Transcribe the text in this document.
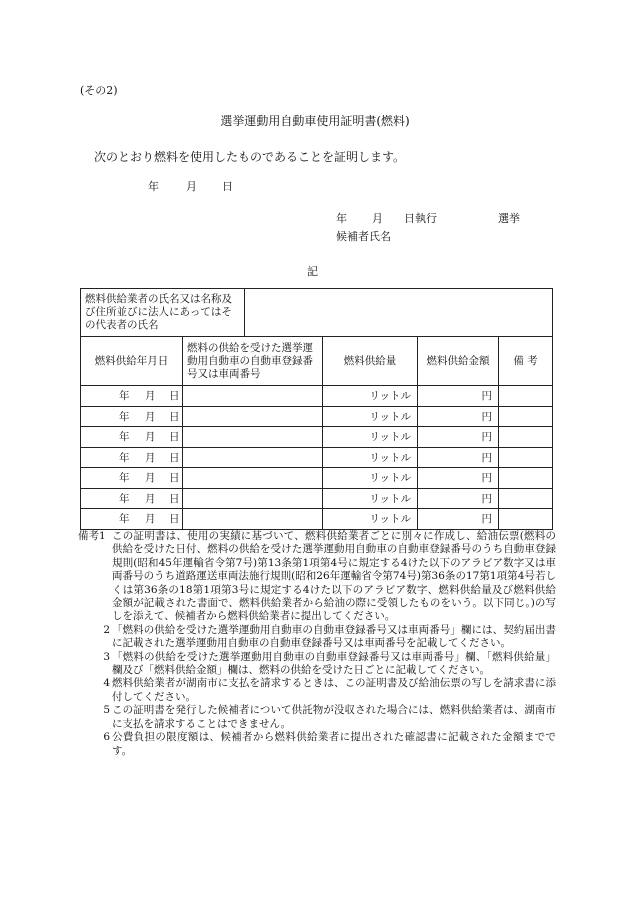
(その2)
選挙運動用自動車使用証明書(燃料)
次のとおり燃料を使用したものであることを証明します。
年 月 日
年 月 日執行	選挙
候補者氏名
記
燃料供給業者の氏名又は名称及び住所並びに法人にあってはその代表者の氏名					
燃料供給年月日	燃料の供給を受けた選挙運動用自動車の自動車登録番号又は車両番号		燃料供給量	燃料供給金額	備 考
年 月 日			リットル	円	
年 月 日			リットル	円	
年 月 日			リットル	円	
年 月 日			リットル	円	
年 月 日			リットル	円	
年 月 日			リットル	円	
年 月 日			リットル	円	
備考1 この証明書は、使用の実績に基づいて、燃料供給業者ごとに別々に作成し、給油伝票(燃料の供給を受けた日付、燃料の供給を受けた選挙運動用自動車の自動車登録番号のうち自動車登録規則(昭和45年運輸省令第7号)第13条第1項第4号に規定する4けた以下のアラビア数字又は車両番号のうち道路運送車両法施行規則(昭和26年運輸省令第74号)第36条の17第1項第4号若しくは第36条の18第1項第3号に規定する4けた以下のアラビア数字、燃料供給量及び燃料供給金額が記載された書面で、燃料供給業者から給油の際に受領したものをいう。以下同じ。)の写しを添えて、候補者から燃料供給業者に提出してください。
2 「燃料の供給を受けた選挙運動用自動車の自動車登録番号又は車両番号」欄には、契約届出書に記載された選挙運動用自動車の自動車登録番号又は車両番号を記載してください。
3 「燃料の供給を受けた選挙運動用自動車の自動車登録番号又は車両番号」欄、「燃料供給量」欄及び「燃料供給金額」欄は、燃料の供給を受けた日ごとに記載してください。
4 燃料供給業者が湖南市に支払を請求するときは、この証明書及び給油伝票の写しを請求書に添付してください。
5 この証明書を発行した候補者について供託物が没収された場合には、燃料供給業者は、湖南市に支払を請求することはできません。
6 公費負担の限度額は、候補者から燃料供給業者に提出された確認書に記載された金額までです。
